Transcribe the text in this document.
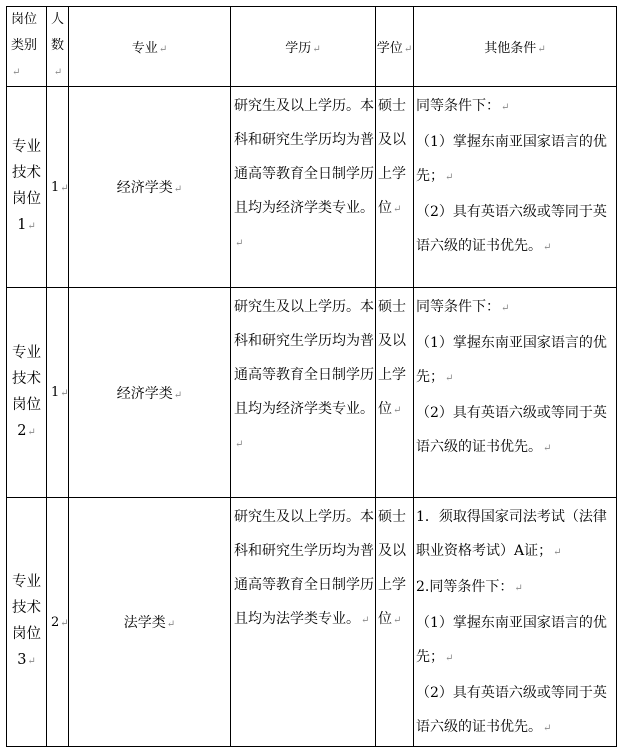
岗位
类别↵	人
数↵	专业↵	学历↵	学位↵	其他条件↵
专业
技术
岗位
1↵	1↵	经济学类↵	研究生及以上学历。本科和研究生学历均为普通高等教育全日制学历且均为经济学类专业。↵	硕士及以上学位↵	同等条件下：↵
（1）掌握东南亚国家语言的优先；↵
（2）具有英语六级或等同于英语六级的证书优先。↵

专业
技术
岗位
2↵	1↵	经济学类↵	研究生及以上学历。本科和研究生学历均为普通高等教育全日制学历且均为经济学类专业。↵	硕士及以上学位↵	同等条件下：↵
（1）掌握东南亚国家语言的优先；↵
（2）具有英语六级或等同于英语六级的证书优先。↵

专业
技术
岗位
3↵	2↵	法学类↵	研究生及以上学历。本科和研究生学历均为普通高等教育全日制学历且均为法学类专业。↵	硕士及以上学位↵	1．须取得国家司法考试（法律职业资格考试）A证；↵
2.同等条件下：↵
（1）掌握东南亚国家语言的优先；↵
（2）具有英语六级或等同于英语六级的证书优先。↵
